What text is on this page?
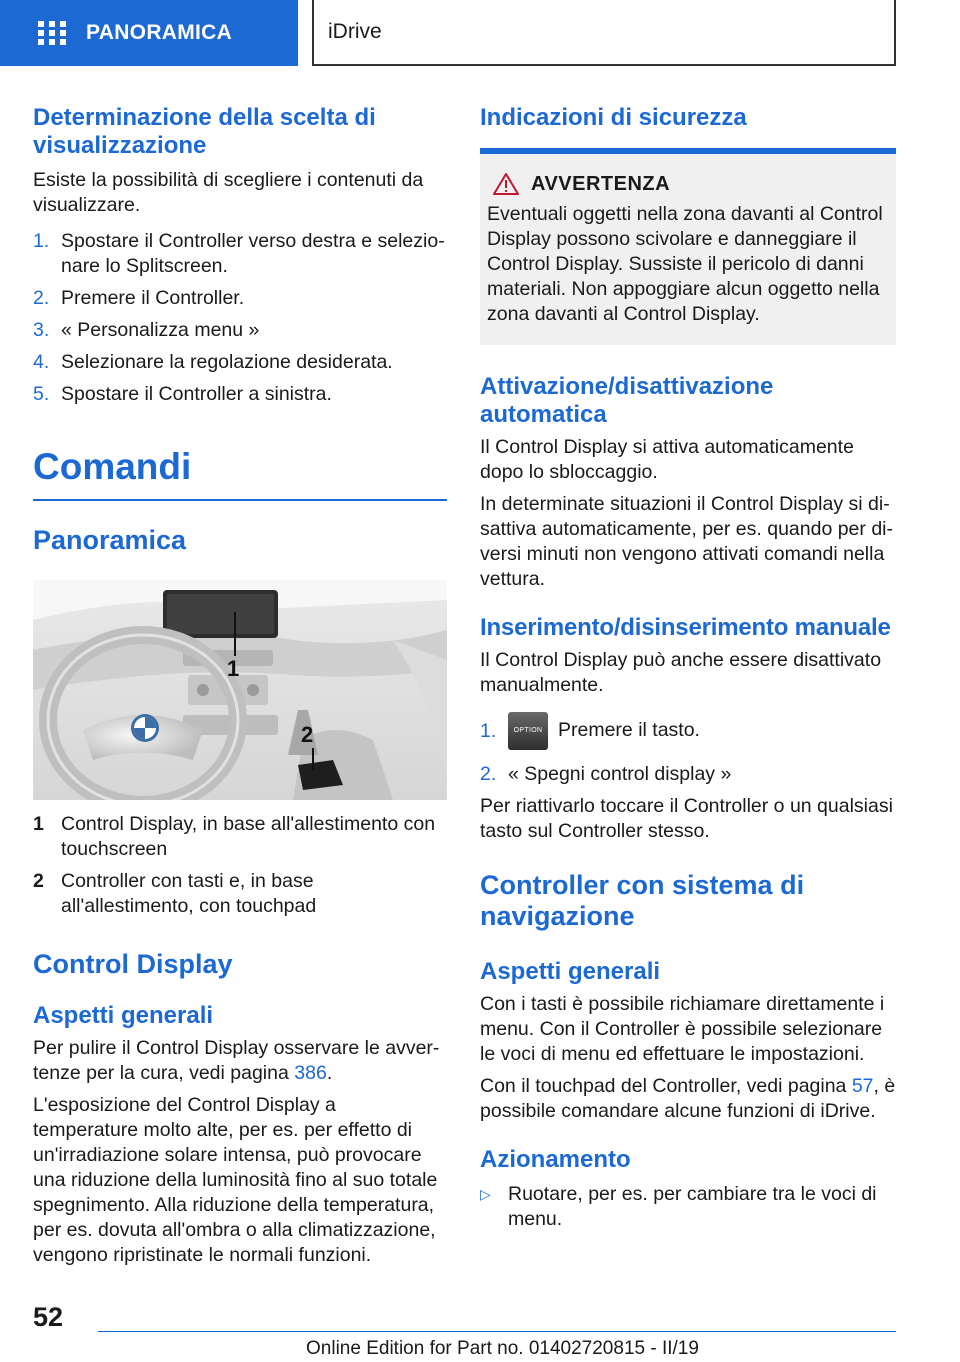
PANORAMICA	iDrive
Determinazione della scelta di visualizzazione
Esiste la possibilità di scegliere i contenuti da visualizzare.
1. Spostare il Controller verso destra e selezionare lo Splitscreen.
2. Premere il Controller.
3. « Personalizza menu »
4. Selezionare la regolazione desiderata.
5. Spostare il Controller a sinistra.
Comandi
Panoramica
1
2
1 Control Display, in base all'allestimento con touchscreen
2 Controller con tasti e, in base all'allestimento, con touchpad
Control Display
Aspetti generali
Per pulire il Control Display osservare le avvertenze per la cura, vedi pagina 386.
L'esposizione del Control Display a temperature molto alte, per es. per effetto di un'irradiazione solare intensa, può provocare una riduzione della luminosità fino al suo totale spegnimento. Alla riduzione della temperatura, per es. dovuta all'ombra o alla climatizzazione, vengono ripristinate le normali funzioni.
Indicazioni di sicurezza
AVVERTENZA
Eventuali oggetti nella zona davanti al Control Display possono scivolare e danneggiare il Control Display. Sussiste il pericolo di danni materiali. Non appoggiare alcun oggetto nella zona davanti al Control Display.
Attivazione/disattivazione automatica
Il Control Display si attiva automaticamente dopo lo sbloccaggio.
In determinate situazioni il Control Display si disattiva automaticamente, per es. quando per diversi minuti non vengono attivati comandi nella vettura.
Inserimento/disinserimento manuale
Il Control Display può anche essere disattivato manualmente.
1.	OPTION Premere il tasto.
2. « Spegni control display »
Per riattivarlo toccare il Controller o un qualsiasi tasto sul Controller stesso.
Controller con sistema di navigazione
Aspetti generali
Con i tasti è possibile richiamare direttamente i menu. Con il Controller è possibile selezionare le voci di menu ed effettuare le impostazioni.
Con il touchpad del Controller, vedi pagina 57, è possibile comandare alcune funzioni di iDrive.
Azionamento
▷ Ruotare, per es. per cambiare tra le voci di menu.
52
Online Edition for Part no. 01402720815 - II/19
